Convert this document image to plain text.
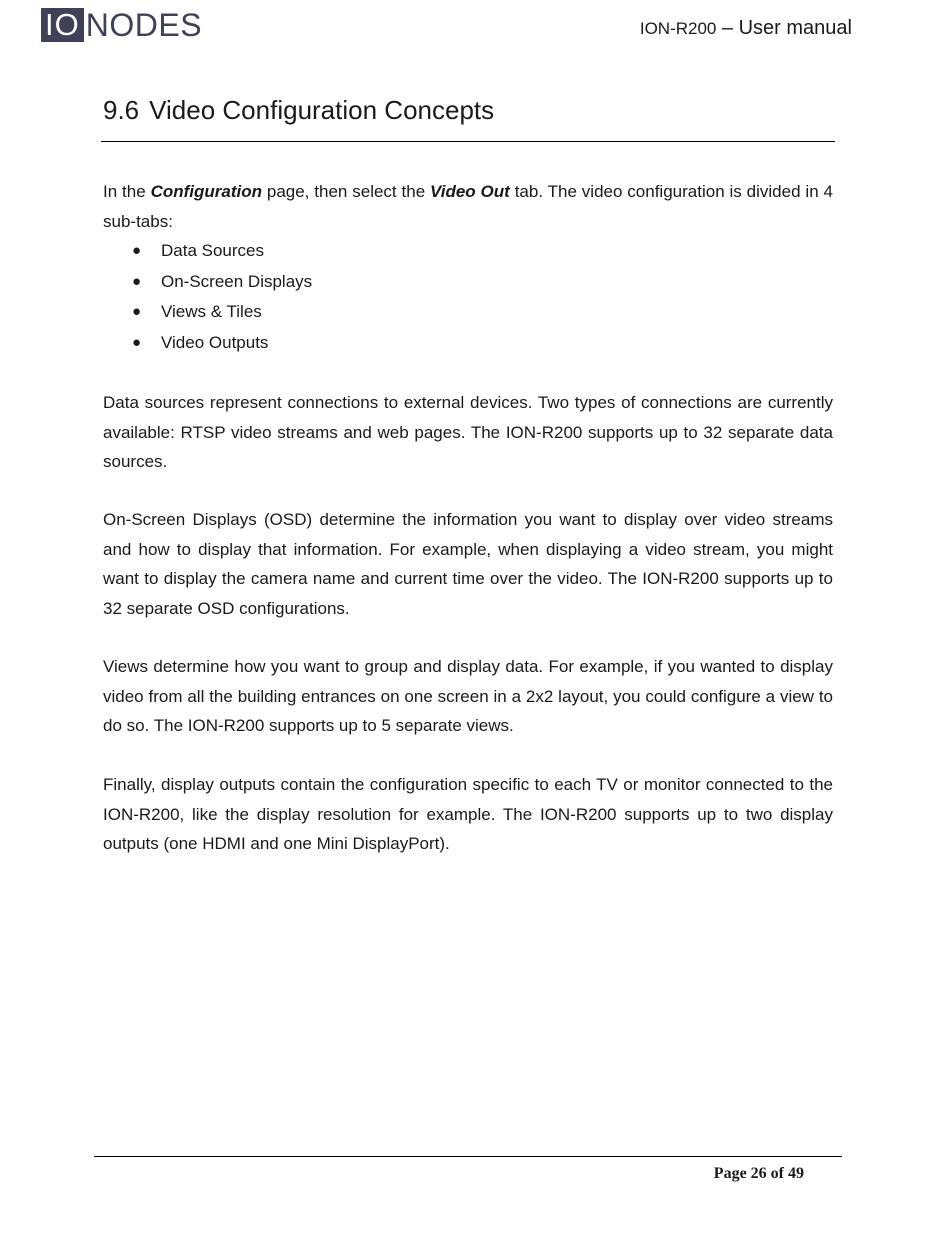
IO NODES	ION-R200 – User manual
9.6 Video Configuration Concepts

In the Configuration page, then select the Video Out tab. The video configuration is divided in 4 sub-tabs:

● Data Sources
● On-Screen Displays
● Views & Tiles
● Video Outputs

Data sources represent connections to external devices. Two types of connections are currently available: RTSP video streams and web pages. The ION-R200 supports up to 32 separate data sources.

On-Screen Displays (OSD) determine the information you want to display over video streams and how to display that information. For example, when displaying a video stream, you might want to display the camera name and current time over the video. The ION-R200 supports up to 32 separate OSD configurations.

Views determine how you want to group and display data. For example, if you wanted to display video from all the building entrances on one screen in a 2x2 layout, you could configure a view to do so. The ION-R200 supports up to 5 separate views.

Finally, display outputs contain the configuration specific to each TV or monitor connected to the ION-R200, like the display resolution for example. The ION-R200 supports up to two display outputs (one HDMI and one Mini DisplayPort).

Page 26 of 49
